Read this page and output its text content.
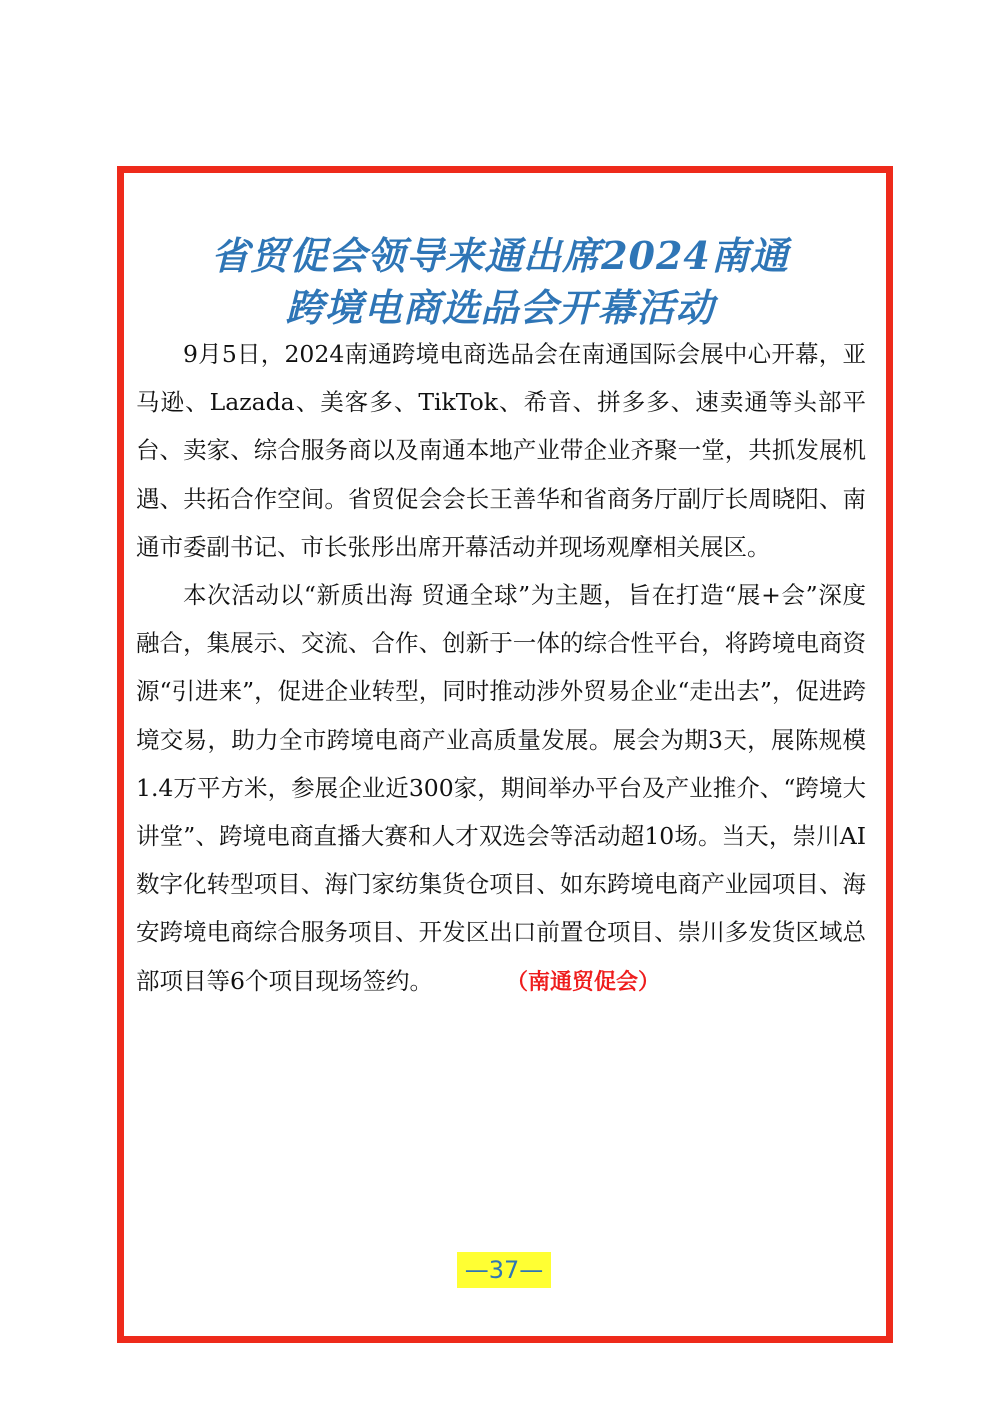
省贸促会领导来通出席2024南通
跨境电商选品会开幕活动

9月5日，2024南通跨境电商选品会在南通国际会展中心开幕，亚马逊、Lazada、美客多、TikTok、希音、拼多多、速卖通等头部平台、卖家、综合服务商以及南通本地产业带企业齐聚一堂，共抓发展机遇、共拓合作空间。省贸促会会长王善华和省商务厅副厅长周晓阳、南通市委副书记、市长张彤出席开幕活动并现场观摩相关展区。

本次活动以“新质出海 贸通全球”为主题，旨在打造“展+会”深度融合，集展示、交流、合作、创新于一体的综合性平台，将跨境电商资源“引进来”，促进企业转型，同时推动涉外贸易企业“走出去”，促进跨境交易，助力全市跨境电商产业高质量发展。展会为期3天，展陈规模1.4万平方米，参展企业近300家，期间举办平台及产业推介、“跨境大讲堂”、跨境电商直播大赛和人才双选会等活动超10场。当天，崇川AI数字化转型项目、海门家纺集货仓项目、如东跨境电商产业园项目、海安跨境电商综合服务项目、开发区出口前置仓项目、崇川多发货区域总部项目等6个项目现场签约。	（南通贸促会）

—37—
